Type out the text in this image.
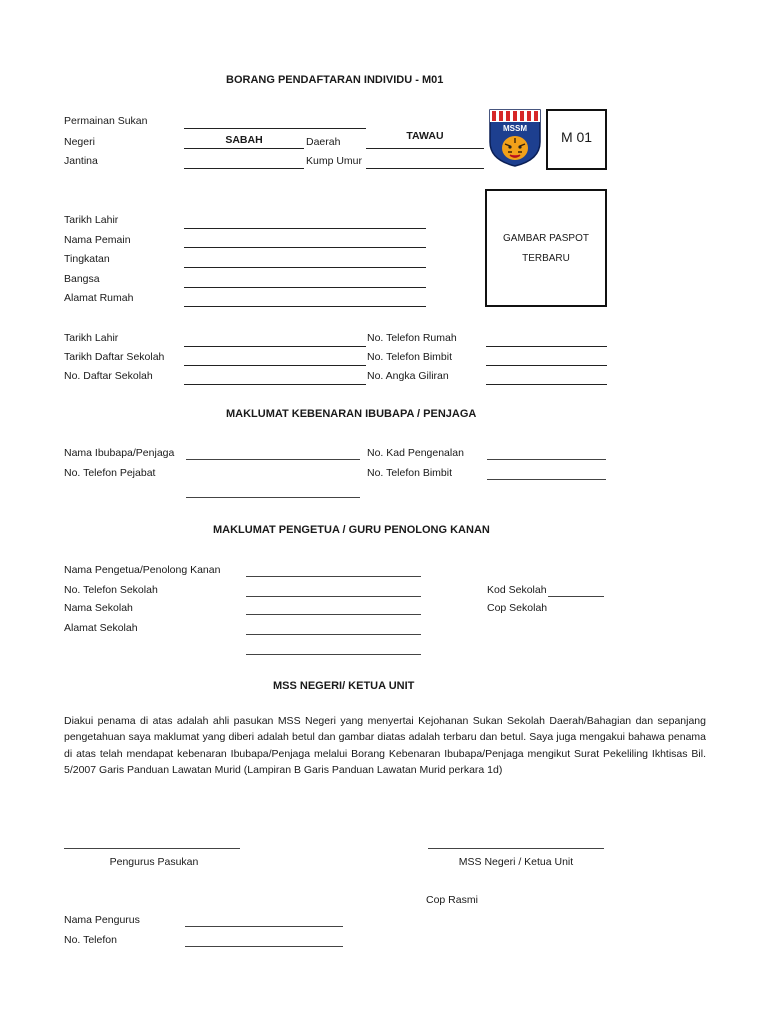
BORANG PENDAFTARAN INDIVIDU - M01
Permainan Sukan
Negeri	SABAH	Daerah	TAWAU
Jantina	Kump Umur
MSSM
M 01
Tarikh Lahir
Nama Pemain
Tingkatan
Bangsa
Alamat Rumah
GAMBAR PASPOT
TERBARU
Tarikh Lahir	No. Telefon Rumah
Tarikh Daftar Sekolah	No. Telefon Bimbit
No. Daftar Sekolah	No. Angka Giliran
MAKLUMAT KEBENARAN IBUBAPA / PENJAGA
Nama Ibubapa/Penjaga	No. Kad Pengenalan
No. Telefon Pejabat	No. Telefon Bimbit
MAKLUMAT PENGETUA / GURU PENOLONG KANAN
Nama Pengetua/Penolong Kanan
No. Telefon Sekolah	Kod Sekolah
Nama Sekolah	Cop Sekolah
Alamat Sekolah
MSS NEGERI/ KETUA UNIT
Diakui penama di atas adalah ahli pasukan MSS Negeri yang menyertai Kejohanan Sukan Sekolah Daerah/Bahagian dan sepanjang pengetahuan saya maklumat yang diberi adalah betul dan gambar diatas adalah terbaru dan betul. Saya juga mengakui bahawa penama di atas telah mendapat kebenaran Ibubapa/Penjaga melalui Borang Kebenaran Ibubapa/Penjaga mengikut Surat Pekeliling Ikhtisas Bil. 5/2007 Garis Panduan Lawatan Murid (Lampiran B Garis Panduan Lawatan Murid perkara 1d)
Pengurus Pasukan	MSS Negeri / Ketua Unit
Cop Rasmi
Nama Pengurus
No. Telefon
